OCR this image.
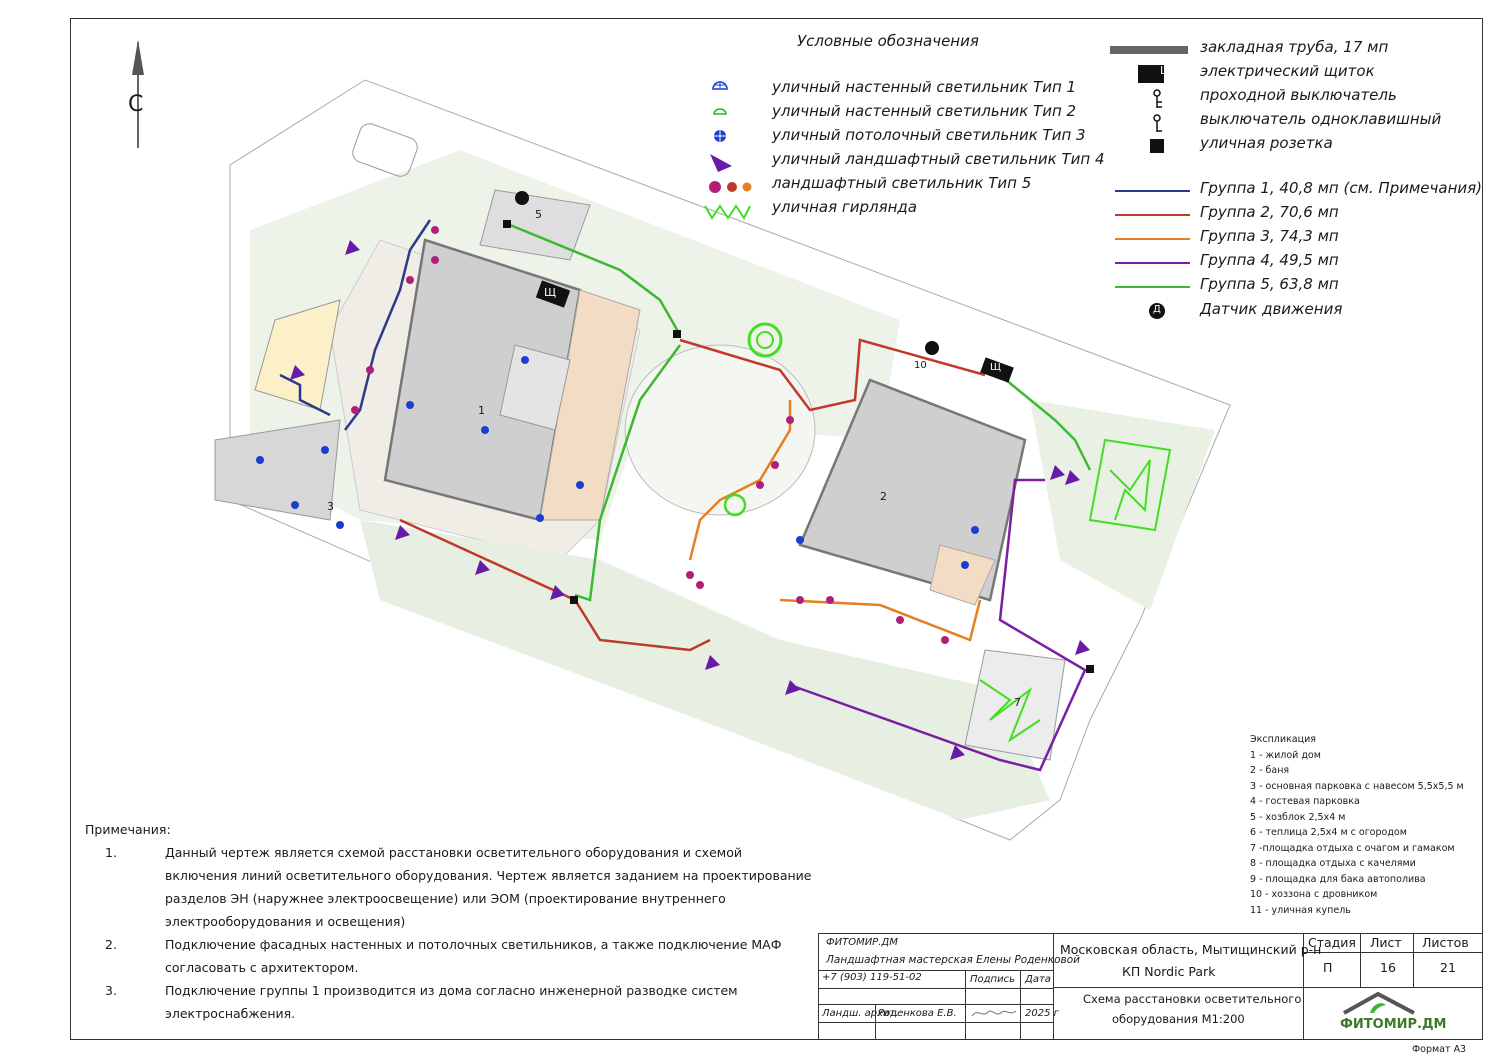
С
1
2
3
5
7
10
Щ
Щ
Условные обозначения
уличный настенный светильник Тип 1
уличный настенный светильник Тип 2
уличный потолочный светильник Тип 3
уличный ландшафтный светильник Тип 4
ландшафтный светильник Тип 5
уличная гирлянда
Щ
Д
закладная труба, 17 мп
электрический щиток
проходной выключатель
выключатель одноклавишный
уличная розетка
Группа 1, 40,8 мп (см. Примечания)
Группа 2, 70,6 мп
Группа 3, 74,3 мп
Группа 4, 49,5 мп
Группа 5, 63,8 мп
Датчик движения
Примечания:
1.	Данный чертеж является схемой расстановки осветительного оборудования и схемой
включения линий осветительного оборудования. Чертеж является заданием на проектирование
разделов ЭН (наружнее электроосвещение) или ЭОМ (проектирование внутреннего
электрооборудования и освещения)
2.	Подключение фасадных настенных и потолочных светильников, а также подключение МАФ
согласовать с архитектором.
3.	Подключение группы 1 производится из дома согласно инженерной разводке систем
электроснабжения.
Экспликация
1 - жилой дом
2 - баня
3 - основная парковка с навесом 5,5х5,5 м
4 - гостевая парковка
5 - хозблок 2,5х4 м
6 - теплица 2,5х4 м с огородом
7 -площадка отдыха с очагом и гамаком
8 - площадка отдыха с качелями
9 - площадка для бака автополива
10 - хоззона с дровником
11 - уличная купель
ФИТОМИР.ДМ
Ландшафтная мастерская Елены Роденковой
+7 (903) 119-51-02	Подпись Дата
Ландш. архит.
Роденкова Е.В.	2025 г
Московская область, Мытищинский р-н
КП Nordic Park
Схема расстановки осветительного
оборудования М1:200
Стадия Лист Листов
П	16	21
ФИТОМИР.ДМ
Формат А3
